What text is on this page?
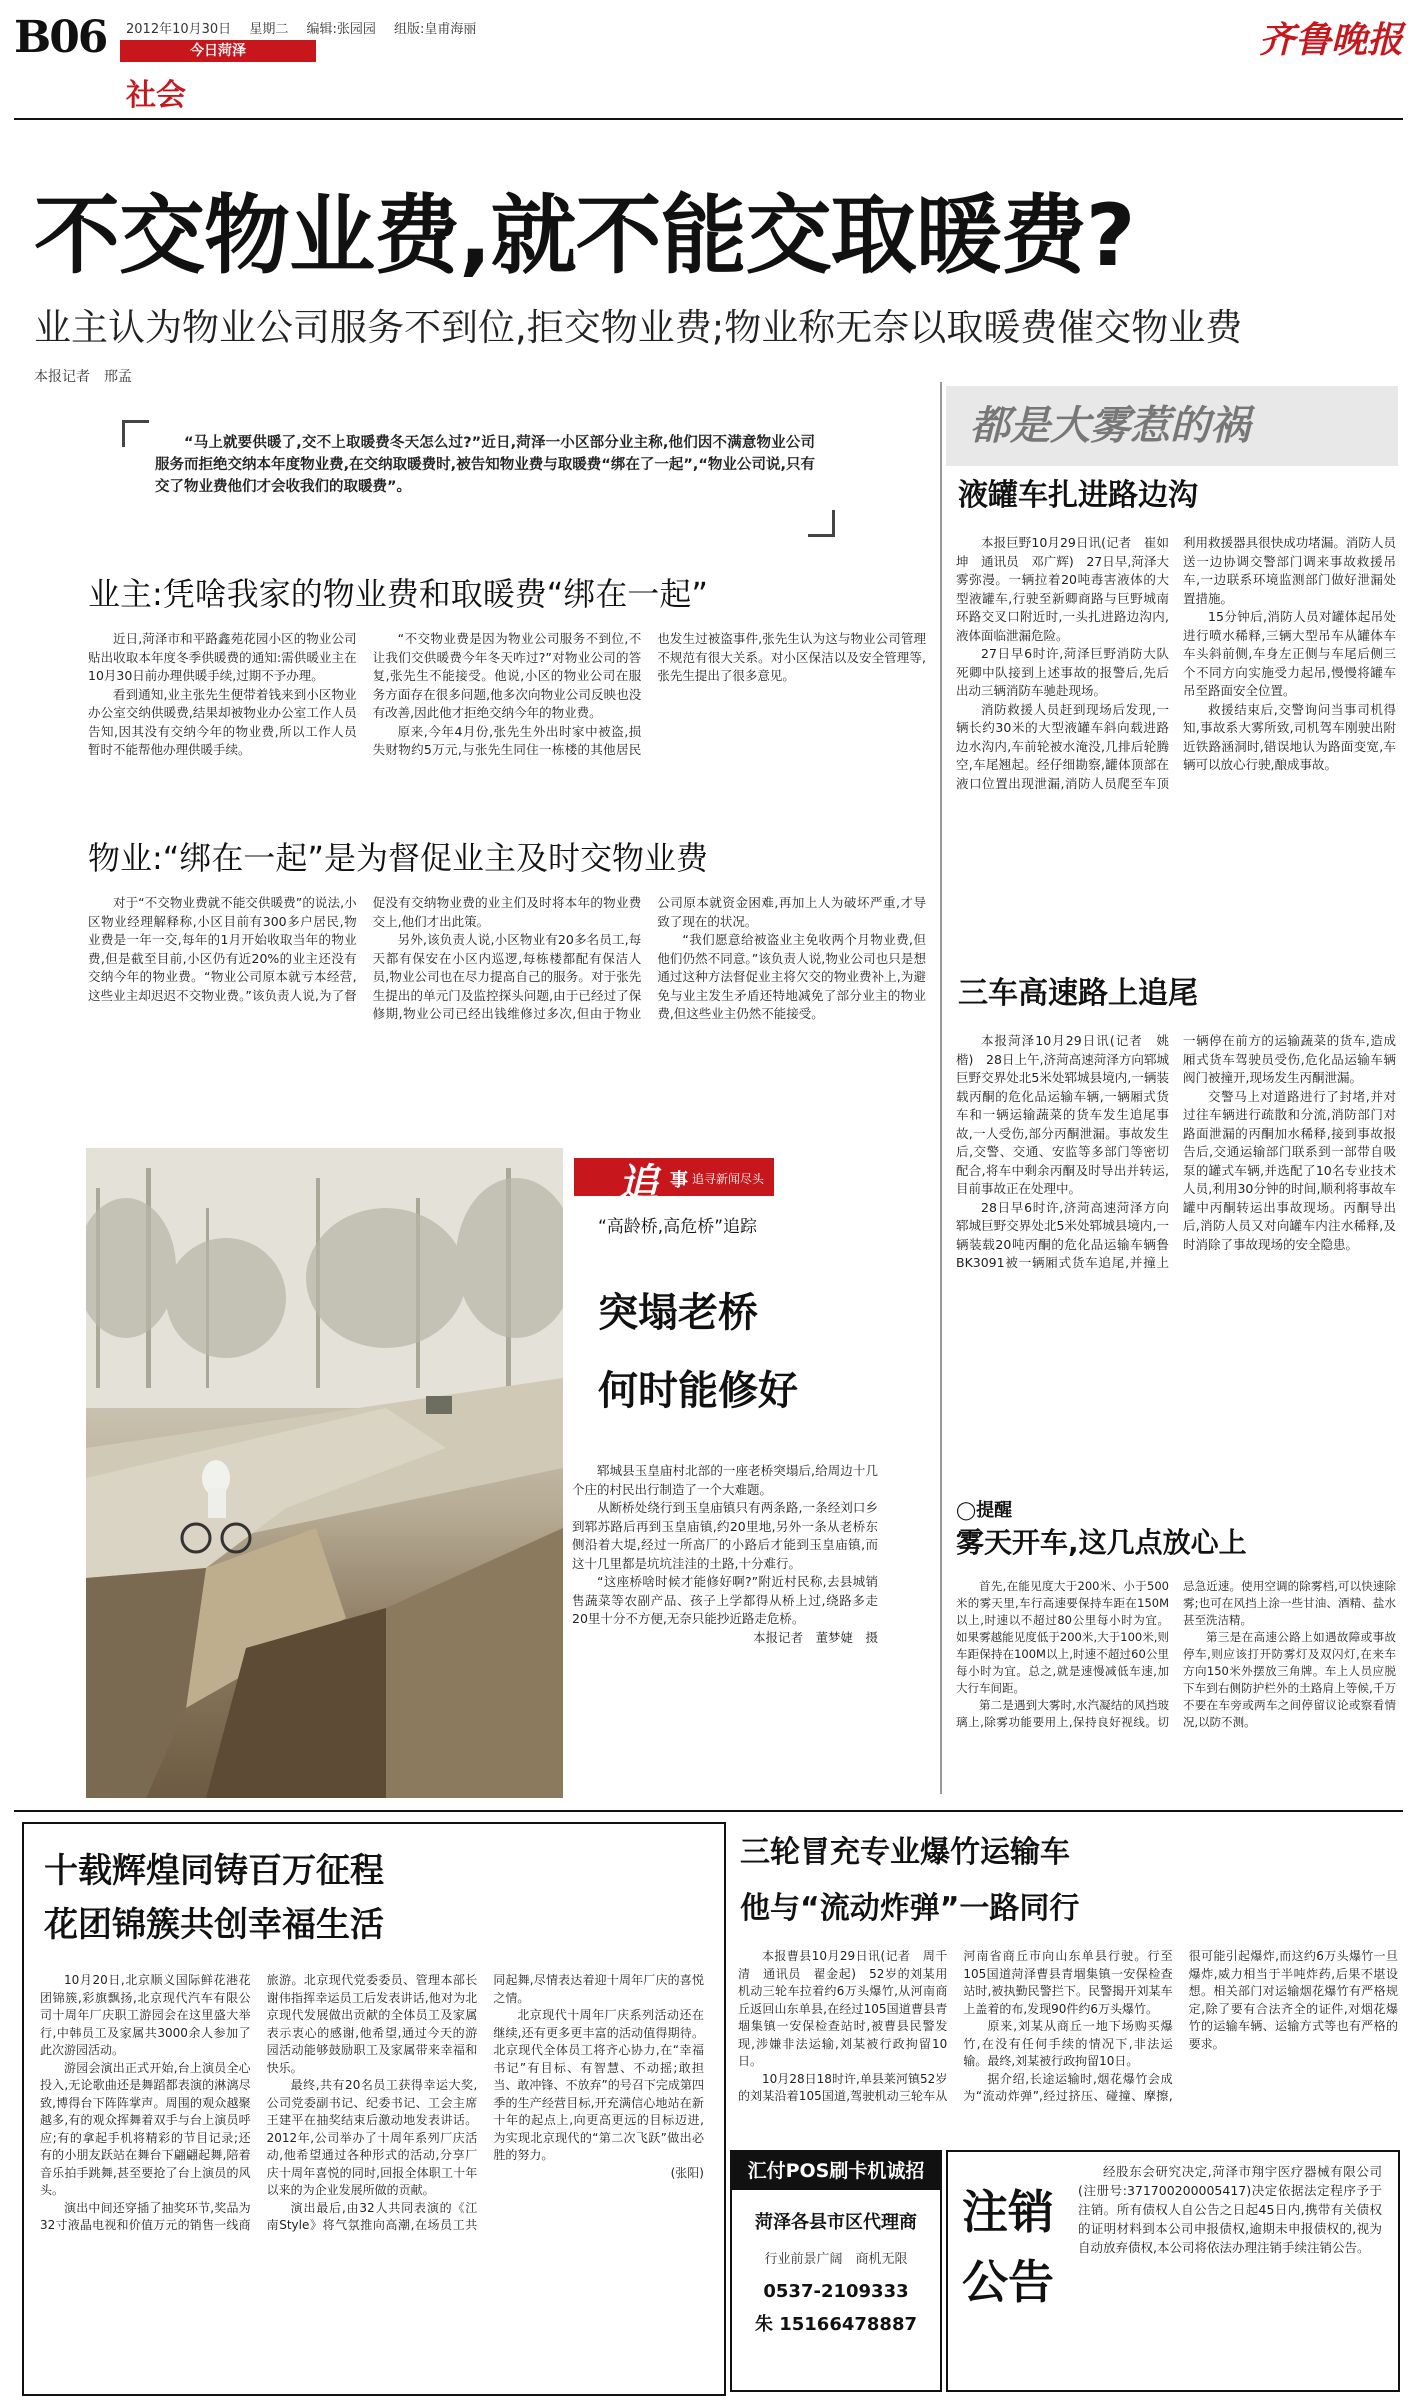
B06 2012年10月30日 星期二 编辑:张园园 组版:皇甫海丽
今日菏泽
社会
齐鲁晚报
不交物业费,就不能交取暖费?
业主认为物业公司服务不到位,拒交物业费;物业称无奈以取暖费催交物业费
本报记者　邢孟
“马上就要供暖了,交不上取暖费冬天怎么过?”近日,菏泽一小区部分业主称,他们因不满意物业公司服务而拒绝交纳本年度物业费,在交纳取暖费时,被告知物业费与取暖费“绑在了一起”,“物业公司说,只有交了物业费他们才会收我们的取暖费”。
业主:凭啥我家的物业费和取暖费“绑在一起”

近日,菏泽市和平路鑫苑花园小区的物业公司贴出收取本年度冬季供暖费的通知:需供暖业主在10月30日前办理供暖手续,过期不予办理。

看到通知,业主张先生便带着钱来到小区物业办公室交纳供暖费,结果却被物业办公室工作人员告知,因其没有交纳今年的物业费,所以工作人员暂时不能帮他办理供暖手续。

“不交物业费是因为物业公司服务不到位,不让我们交供暖费今年冬天咋过?”对物业公司的答复,张先生不能接受。他说,小区的物业公司在服务方面存在很多问题,他多次向物业公司反映也没有改善,因此他才拒绝交纳今年的物业费。

原来,今年4月份,张先生外出时家中被盗,损失财物约5万元,与张先生同住一栋楼的其他居民也发生过被盗事件,张先生认为这与物业公司管理不规范有很大关系。对小区保洁以及安全管理等,张先生提出了很多意见。

物业:“绑在一起”是为督促业主及时交物业费

对于“不交物业费就不能交供暖费”的说法,小区物业经理解释称,小区目前有300多户居民,物业费是一年一交,每年的1月开始收取当年的物业费,但是截至目前,小区仍有近20%的业主还没有交纳今年的物业费。“物业公司原本就亏本经营,这些业主却迟迟不交物业费。”该负责人说,为了督促没有交纳物业费的业主们及时将本年的物业费交上,他们才出此策。

另外,该负责人说,小区物业有20多名员工,每天都有保安在小区内巡逻,每栋楼都配有保洁人员,物业公司也在尽力提高自己的服务。对于张先生提出的单元门及监控探头问题,由于已经过了保修期,物业公司已经出钱维修过多次,但由于物业公司原本就资金困难,再加上人为破坏严重,才导致了现在的状况。

“我们愿意给被盗业主免收两个月物业费,但他们仍然不同意。”该负责人说,物业公司也只是想通过这种方法督促业主将欠交的物业费补上,为避免与业主发生矛盾还特地减免了部分业主的物业费,但这些业主仍然不能接受。

追 事 追寻新闻尽头
“高龄桥,高危桥”追踪
突塌老桥
何时能修好

郓城县玉皇庙村北部的一座老桥突塌后,给周边十几个庄的村民出行制造了一个大难题。

从断桥处绕行到玉皇庙镇只有两条路,一条经刘口乡到郓苏路后再到玉皇庙镇,约20里地,另外一条从老桥东侧沿着大堤,经过一所高厂的小路后才能到玉皇庙镇,而这十几里都是坑坑洼洼的土路,十分难行。

“这座桥啥时候才能修好啊?”附近村民称,去县城销售蔬菜等农副产品、孩子上学都得从桥上过,绕路多走20里十分不方便,无奈只能抄近路走危桥。

本报记者　董梦婕　摄

都是大雾惹的祸
液罐车扎进路边沟

本报巨野10月29日讯(记者　崔如坤　通讯员　邓广辉)　27日早,菏泽大雾弥漫。一辆拉着20吨毒害液体的大型液罐车,行驶至新卿商路与巨野城南环路交叉口附近时,一头扎进路边沟内,液体面临泄漏危险。

27日早6时许,菏泽巨野消防大队死卿中队接到上述事故的报警后,先后出动三辆消防车驰赴现场。

消防救援人员赶到现场后发现,一辆长约30米的大型液罐车斜向载进路边水沟内,车前轮被水淹没,几排后轮腾空,车尾翘起。经仔细勘察,罐体顶部在液口位置出现泄漏,消防人员爬至车顶利用救援器具很快成功堵漏。消防人员送一边协调交警部门调来事故救援吊车,一边联系环境监测部门做好泄漏处置措施。

15分钟后,消防人员对罐体起吊处进行喷水稀释,三辆大型吊车从罐体车车头斜前侧,车身左正侧与车尾后侧三个不同方向实施受力起吊,慢慢将罐车吊至路面安全位置。

救援结束后,交警询问当事司机得知,事故系大雾所致,司机驾车刚驶出附近铁路涵洞时,错误地认为路面变宽,车辆可以放心行驶,酿成事故。

三车高速路上追尾

本报菏泽10月29日讯(记者　姚楷)　28日上午,济菏高速菏泽方向郓城巨野交界处北5米处郓城县境内,一辆装载丙酮的危化品运输车辆,一辆厢式货车和一辆运输蔬菜的货车发生追尾事故,一人受伤,部分丙酮泄漏。事故发生后,交警、交通、安监等多部门等密切配合,将车中剩余丙酮及时导出并转运,目前事故正在处理中。

28日早6时许,济菏高速菏泽方向郓城巨野交界处北5米处郓城县境内,一辆装载20吨丙酮的危化品运输车辆鲁BK3091被一辆厢式货车追尾,并撞上一辆停在前方的运输蔬菜的货车,造成厢式货车驾驶员受伤,危化品运输车辆阀门被撞开,现场发生丙酮泄漏。

交警马上对道路进行了封堵,并对过往车辆进行疏散和分流,消防部门对路面泄漏的丙酮加水稀释,接到事故报告后,交通运输部门联系到一部带自吸泵的罐式车辆,并选配了10名专业技术人员,利用30分钟的时间,顺利将事故车罐中丙酮转运出事故现场。丙酮导出后,消防人员又对向罐车内注水稀释,及时消除了事故现场的安全隐患。

◯提醒
雾天开车,这几点放心上

首先,在能见度大于200米、小于500米的雾天里,车行高速要保持车距在150M以上,时速以不超过80公里每小时为宜。如果雾越能见度低于200米,大于100米,则车距保持在100M以上,时速不超过60公里每小时为宜。总之,就是速慢减低车速,加大行车间距。

第二是遇到大雾时,水汽凝结的风挡玻璃上,除雾功能要用上,保持良好视线。切忌急近速。使用空调的除雾档,可以快速除雾;也可在风挡上涂一些甘油、酒精、盐水甚至洗洁精。

第三是在高速公路上如遇故障或事故停车,则应该打开防雾灯及双闪灯,在来车方向150米外摆放三角牌。车上人员应脱下车到右侧防护栏外的土路肩上等候,千万不要在车旁或两车之间停留议论或察看情况,以防不测。

十载辉煌同铸百万征程
花团锦簇共创幸福生活

10月20日,北京顺义国际鲜花港花团锦簇,彩旗飘扬,北京现代汽车有限公司十周年厂庆职工游园会在这里盛大举行,中韩员工及家属共3000余人参加了此次游园活动。

游园会演出正式开始,台上演员全心投入,无论歌曲还是舞蹈都表演的淋漓尽致,博得台下阵阵掌声。周围的观众越聚越多,有的观众挥舞着双手与台上演员呼应;有的拿起手机将精彩的节目记录;还有的小朋友跃站在舞台下翩翩起舞,陪着音乐拍手跳舞,甚至要抢了台上演员的风头。

演出中间还穿插了抽奖环节,奖品为32寸液晶电视和价值万元的销售一线商旅游。北京现代党委委员、管理本部长谢伟指挥幸运员工后发表讲话,他对为北京现代发展做出贡献的全体员工及家属表示衷心的感谢,他希望,通过今天的游园活动能够鼓励职工及家属带来幸福和快乐。

最终,共有20名员工获得幸运大奖,公司党委副书记、纪委书记、工会主席王建平在抽奖结束后激动地发表讲话。2012年,公司举办了十周年系列厂庆活动,他希望通过各种形式的活动,分享厂庆十周年喜悦的同时,回报全体职工十年以来的为企业发展所做的贡献。

演出最后,由32人共同表演的《江南Style》将气氛推向高潮,在场员工共同起舞,尽情表达着迎十周年厂庆的喜悦之情。

北京现代十周年厂庆系列活动还在继续,还有更多更丰富的活动值得期待。北京现代全体员工将齐心协力,在“幸福书记”有目标、有智慧、不动摇;敢担当、敢冲锋、不放弃”的号召下完成第四季的生产经营目标,开充满信心地站在新十年的起点上,向更高更远的目标迈进,为实现北京现代的“第二次飞跃”做出必胜的努力。

(张阳)

三轮冒充专业爆竹运输车
他与“流动炸弹”一路同行

本报曹县10月29日讯(记者　周千清　通讯员　翟金起)　52岁的刘某用机动三轮车拉着约6万头爆竹,从河南商丘返回山东单县,在经过105国道曹县青堌集镇一安保检查站时,被曹县民警发现,涉嫌非法运输,刘某被行政拘留10日。

10月28日18时许,单县莱河镇52岁的刘某沿着105国道,驾驶机动三轮车从河南省商丘市向山东单县行驶。行至105国道菏泽曹县青堌集镇一安保检查站时,被执勤民警拦下。民警揭开刘某车上盖着的布,发现90件约6万头爆竹。

原来,刘某从商丘一地下场购买爆竹,在没有任何手续的情况下,非法运输。最终,刘某被行政拘留10日。

据介绍,长途运输时,烟花爆竹会成为“流动炸弹”,经过挤压、碰撞、摩擦,很可能引起爆炸,而这约6万头爆竹一旦爆炸,威力相当于半吨炸药,后果不堪设想。相关部门对运输烟花爆竹有严格规定,除了要有合法齐全的证件,对烟花爆竹的运输车辆、运输方式等也有严格的要求。

汇付POS刷卡机诚招
菏泽各县市区代理商
行业前景广阔　商机无限
0537-2109333
朱 15166478887
注销
公告
经股东会研究决定,菏泽市翔宇医疗器械有限公司(注册号:371700200005417)决定依据法定程序予于注销。所有债权人自公告之日起45日内,携带有关债权的证明材料到本公司申报债权,逾期未申报债权的,视为自动放弃债权,本公司将依法办理注销手续注销公告。
